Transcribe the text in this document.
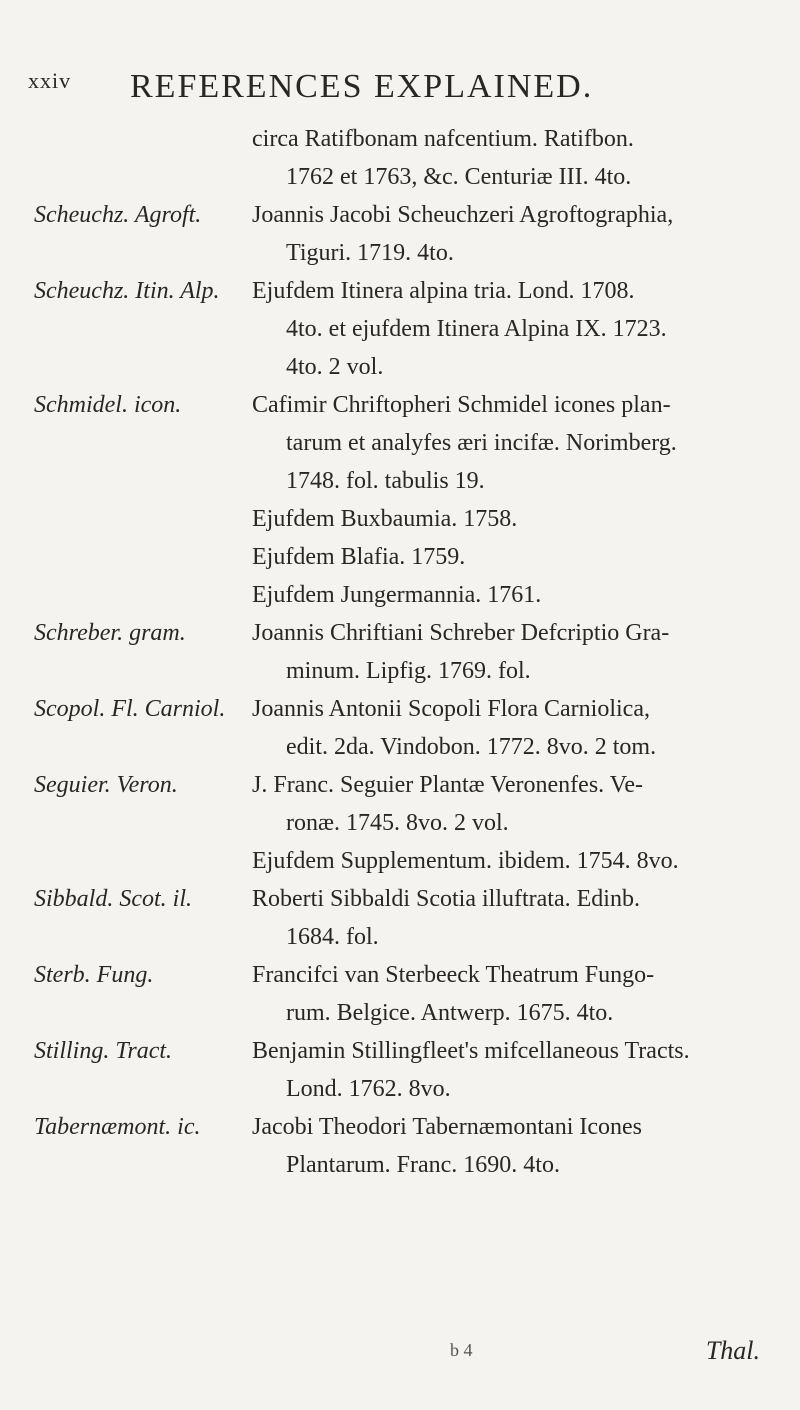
xxiv REFERENCES EXPLAINED.
circa Ratifbonam nafcentium. Ratifbon.
1762 et 1763, &c. Centuriæ III. 4to.
Scheuchz. Agroft.	Joannis Jacobi Scheuchzeri Agroftographia,
Tiguri. 1719. 4to.
Scheuchz. Itin. Alp.	Ejufdem Itinera alpina tria. Lond. 1708.
4to. et ejufdem Itinera Alpina IX. 1723.
4to. 2 vol.
Schmidel. icon.	Cafimir Chriftopheri Schmidel icones plan-
tarum et analyfes æri incifæ. Norimberg.
1748. fol. tabulis 19.
Ejufdem Buxbaumia. 1758.
Ejufdem Blafia. 1759.
Ejufdem Jungermannia. 1761.
Schreber. gram.	Joannis Chriftiani Schreber Defcriptio Gra-
minum. Lipfig. 1769. fol.
Scopol. Fl. Carniol.	Joannis Antonii Scopoli Flora Carniolica,
edit. 2da. Vindobon. 1772. 8vo. 2 tom.
Seguier. Veron.	J. Franc. Seguier Plantæ Veronenfes. Ve-
ronæ. 1745. 8vo. 2 vol.
Ejufdem Supplementum. ibidem. 1754. 8vo.
Sibbald. Scot. il.	Roberti Sibbaldi Scotia illuftrata. Edinb.
1684. fol.
Sterb. Fung.	Francifci van Sterbeeck Theatrum Fungo-
rum. Belgice. Antwerp. 1675. 4to.
Stilling. Tract.	Benjamin Stillingfleet's mifcellaneous Tracts.
Lond. 1762. 8vo.
Tabernæmont. ic.	Jacobi Theodori Tabernæmontani Icones
Plantarum. Franc. 1690. 4to.
b 4	Thal.
